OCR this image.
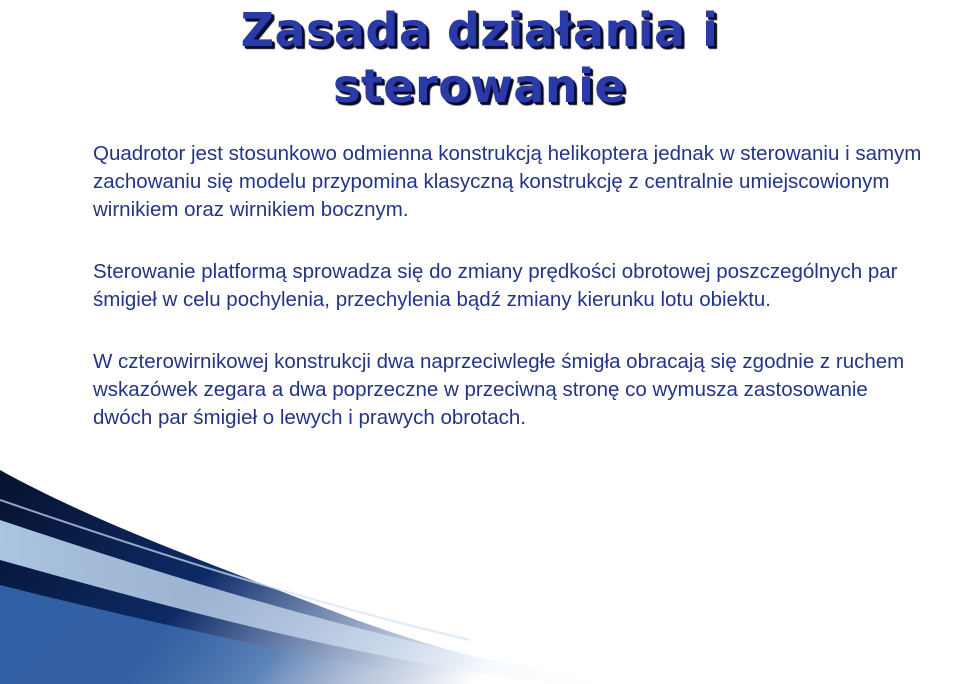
Zasada działania i
sterowanie

Quadrotor jest stosunkowo odmienna konstrukcją helikoptera jednak w sterowaniu i samym zachowaniu się modelu przypomina klasyczną konstrukcję z centralnie umiejscowionym wirnikiem oraz wirnikiem bocznym.

Sterowanie platformą sprowadza się do zmiany prędkości obrotowej poszczególnych par śmigieł w celu pochylenia, przechylenia bądź zmiany kierunku lotu obiektu.

W czterowirnikowej konstrukcji dwa naprzeciwległe śmigła obracają się zgodnie z ruchem wskazówek zegara a dwa poprzeczne w przeciwną stronę co wymusza zastosowanie dwóch par śmigieł o lewych i prawych obrotach.
